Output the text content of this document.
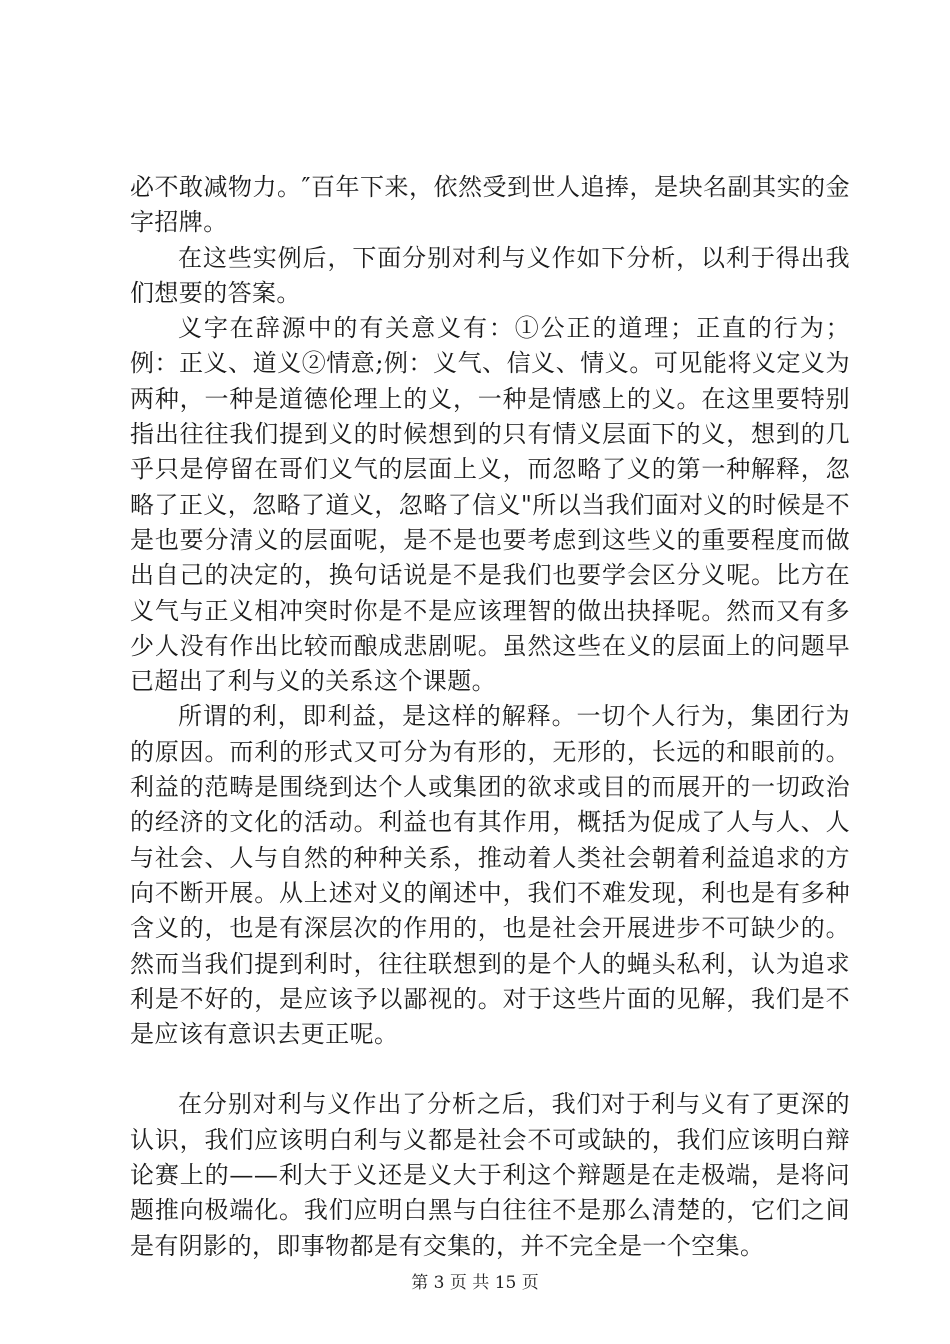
必不敢减物力。″百年下来，依然受到世人追捧，是块名副其实的金字招牌。

在这些实例后，下面分别对利与义作如下分析，以利于得出我们想要的答案。

义字在辞源中的有关意义有：①公正的道理；正直的行为；例：正义、道义②情意;例：义气、信义、情义。可见能将义定义为两种，一种是道德伦理上的义，一种是情感上的义。在这里要特别指出往往我们提到义的时候想到的只有情义层面下的义，想到的几乎只是停留在哥们义气的层面上义，而忽略了义的第一种解释，忽略了正义，忽略了道义，忽略了信义"所以当我们面对义的时候是不是也要分清义的层面呢，是不是也要考虑到这些义的重要程度而做出自己的决定的，换句话说是不是我们也要学会区分义呢。比方在义气与正义相冲突时你是不是应该理智的做出抉择呢。然而又有多少人没有作出比较而酿成悲剧呢。虽然这些在义的层面上的问题早已超出了利与义的关系这个课题。

所谓的利，即利益，是这样的解释。一切个人行为，集团行为的原因。而利的形式又可分为有形的，无形的，长远的和眼前的。利益的范畴是围绕到达个人或集团的欲求或目的而展开的一切政治的经济的文化的活动。利益也有其作用，概括为促成了人与人、人与社会、人与自然的种种关系，推动着人类社会朝着利益追求的方向不断开展。从上述对义的阐述中，我们不难发现，利也是有多种含义的，也是有深层次的作用的，也是社会开展进步不可缺少的。然而当我们提到利时，往往联想到的是个人的蝇头私利，认为追求利是不好的，是应该予以鄙视的。对于这些片面的见解，我们是不是应该有意识去更正呢。

在分别对利与义作出了分析之后，我们对于利与义有了更深的认识，我们应该明白利与义都是社会不可或缺的，我们应该明白辩论赛上的——利大于义还是义大于利这个辩题是在走极端，是将问题推向极端化。我们应明白黑与白往往不是那么清楚的，它们之间是有阴影的，即事物都是有交集的，并不完全是一个空集。

第 3 页 共 15 页
